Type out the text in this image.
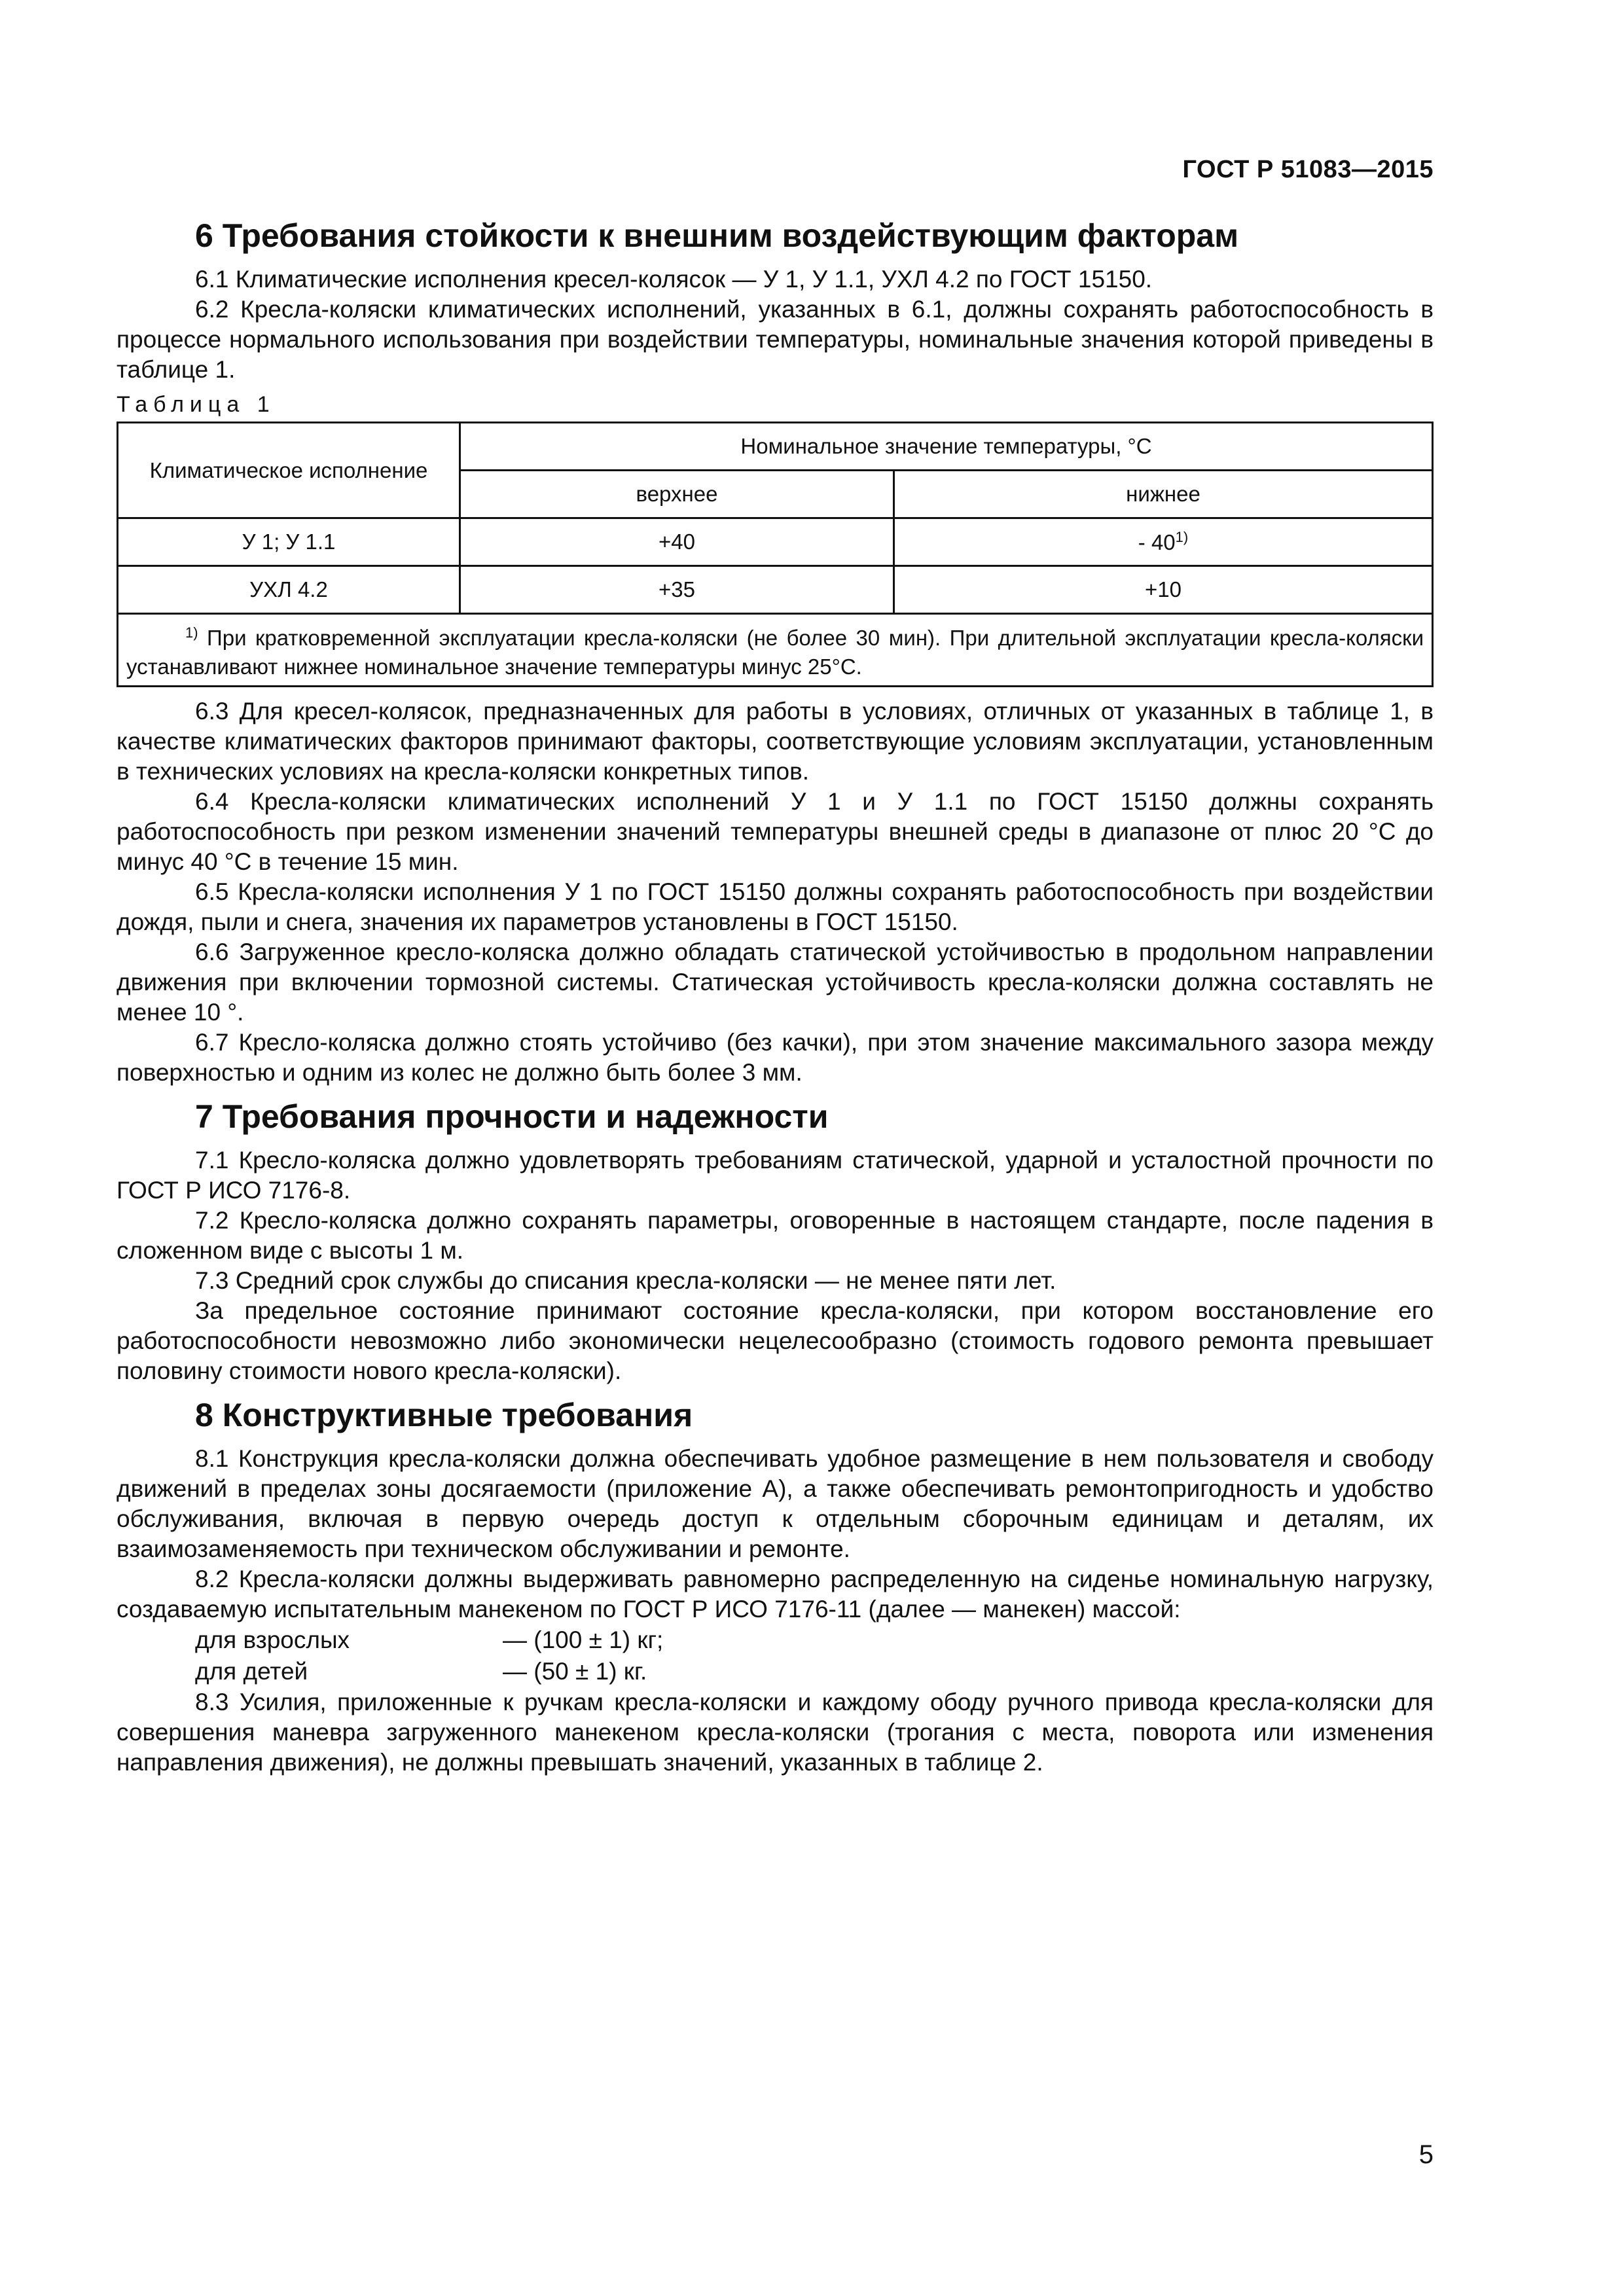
ГОСТ Р 51083—2015
6 Требования стойкости к внешним воздействующим факторам

6.1 Климатические исполнения кресел-колясок — У 1, У 1.1, УХЛ 4.2 по ГОСТ 15150.

6.2 Кресла-коляски климатических исполнений, указанных в 6.1, должны сохранять работоспособность в процессе нормального использования при воздействии температуры, номинальные значения которой приведены в таблице 1.

Таблица 1
Климатическое исполнение	Номинальное значение температуры, °С	
	верхнее	нижнее
У 1; У 1.1	+40	- 40$^{1)}$
УХЛ 4.2	+35	+10
$^{1)}$ При кратковременной эксплуатации кресла-коляски (не более 30 мин). При длительной эксплуатации кресла-коляски устанавливают нижнее номинальное значение температуры минус 25°С.		

6.3 Для кресел-колясок, предназначенных для работы в условиях, отличных от указанных в таблице 1, в качестве климатических факторов принимают факторы, соответствующие условиям эксплуатации, установленным в технических условиях на кресла-коляски конкретных типов.

6.4 Кресла-коляски климатических исполнений У 1 и У 1.1 по ГОСТ 15150 должны сохранять работоспособность при резком изменении значений температуры внешней среды в диапазоне от плюс 20 °С до минус 40 °С в течение 15 мин.

6.5 Кресла-коляски исполнения У 1 по ГОСТ 15150 должны сохранять работоспособность при воздействии дождя, пыли и снега, значения их параметров установлены в ГОСТ 15150.

6.6 Загруженное кресло-коляска должно обладать статической устойчивостью в продольном направлении движения при включении тормозной системы. Статическая устойчивость кресла-коляски должна составлять не менее 10 °.

6.7 Кресло-коляска должно стоять устойчиво (без качки), при этом значение максимального зазора между поверхностью и одним из колес не должно быть более 3 мм.

7 Требования прочности и надежности

7.1 Кресло-коляска должно удовлетворять требованиям статической, ударной и усталостной прочности по ГОСТ Р ИСО 7176-8.

7.2 Кресло-коляска должно сохранять параметры, оговоренные в настоящем стандарте, после падения в сложенном виде с высоты 1 м.

7.3 Средний срок службы до списания кресла-коляски — не менее пяти лет.

За предельное состояние принимают состояние кресла-коляски, при котором восстановление его работоспособности невозможно либо экономически нецелесообразно (стоимость годового ремонта превышает половину стоимости нового кресла-коляски).

8 Конструктивные требования

8.1 Конструкция кресла-коляски должна обеспечивать удобное размещение в нем пользователя и свободу движений в пределах зоны досягаемости (приложение А), а также обеспечивать ремонтопригодность и удобство обслуживания, включая в первую очередь доступ к отдельным сборочным единицам и деталям, их взаимозаменяемость при техническом обслуживании и ремонте.

8.2 Кресла-коляски должны выдерживать равномерно распределенную на сиденье номинальную нагрузку, создаваемую испытательным манекеном по ГОСТ Р ИСО 7176-11 (далее — манекен) массой:

для взрослых	— (100 ± 1) кг;
для детей	— (50 ± 1) кг.

8.3 Усилия, приложенные к ручкам кресла-коляски и каждому ободу ручного привода кресла-коляски для совершения маневра загруженного манекеном кресла-коляски (трогания с места, поворота или изменения направления движения), не должны превышать значений, указанных в таблице 2.

5
